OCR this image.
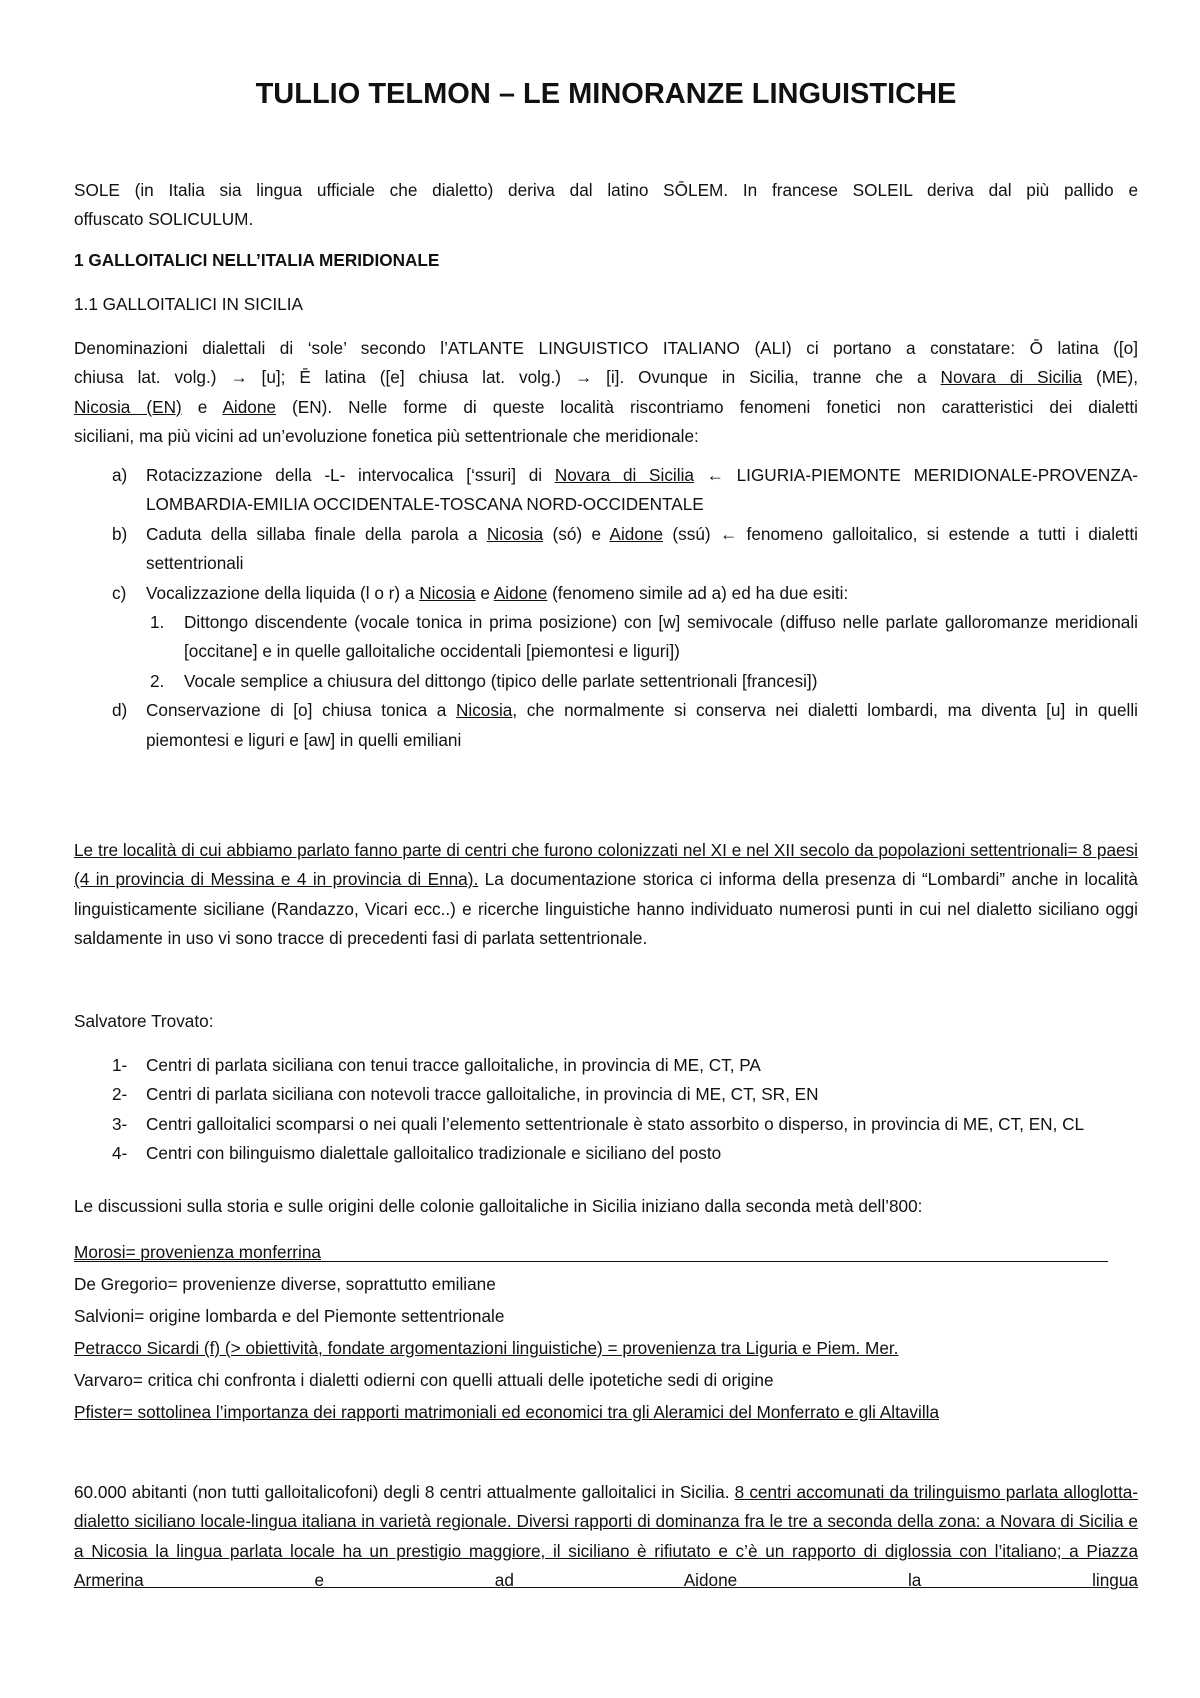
TULLIO TELMON – LE MINORANZE LINGUISTICHE

SOLE (in Italia sia lingua ufficiale che dialetto) deriva dal latino SŌLEM. In francese SOLEIL deriva dal più pallido e

offuscato SOLICULUM.

1 GALLOITALICI NELL’ITALIA MERIDIONALE

1.1 GALLOITALICI IN SICILIA

Denominazioni dialettali di ‘sole’ secondo l’ATLANTE LINGUISTICO ITALIANO (ALI) ci portano a constatare: Ō latina ([o]

chiusa lat. volg.) → [u]; Ē latina ([e] chiusa lat. volg.) → [i]. Ovunque in Sicilia, tranne che a Novara di Sicilia (ME),

Nicosia (EN) e Aidone (EN). Nelle forme di queste località riscontriamo fenomeni fonetici non caratteristici dei dialetti

siciliani, ma più vicini ad un’evoluzione fonetica più settentrionale che meridionale:

a) Rotacizzazione della -L- intervocalica [‘ssuri] di Novara di Sicilia ← LIGURIA-PIEMONTE MERIDIONALE-PROVENZA-LOMBARDIA-EMILIA OCCIDENTALE-TOSCANA NORD-OCCIDENTALE
b) Caduta della sillaba finale della parola a Nicosia (só) e Aidone (ssú) ← fenomeno galloitalico, si estende a tutti i dialetti settentrionali
c) Vocalizzazione della liquida (l o r) a Nicosia e Aidone (fenomeno simile ad a) ed ha due esiti:
1. Dittongo discendente (vocale tonica in prima posizione) con [w] semivocale (diffuso nelle parlate galloromanze meridionali [occitane] e in quelle galloitaliche occidentali [piemontesi e liguri])
2. Vocale semplice a chiusura del dittongo (tipico delle parlate settentrionali [francesi])
d) Conservazione di [o] chiusa tonica a Nicosia, che normalmente si conserva nei dialetti lombardi, ma diventa [u] in quelli piemontesi e liguri e [aw] in quelli emiliani

Le tre località di cui abbiamo parlato fanno parte di centri che furono colonizzati nel XI e nel XII secolo da popolazioni settentrionali= 8 paesi (4 in provincia di Messina e 4 in provincia di Enna). La documentazione storica ci informa della presenza di “Lombardi” anche in località linguisticamente siciliane (Randazzo, Vicari ecc..) e ricerche linguistiche hanno individuato numerosi punti in cui nel dialetto siciliano oggi saldamente in uso vi sono tracce di precedenti fasi di parlata settentrionale.

Salvatore Trovato:

1- Centri di parlata siciliana con tenui tracce galloitaliche, in provincia di ME, CT, PA
2- Centri di parlata siciliana con notevoli tracce galloitaliche, in provincia di ME, CT, SR, EN
3- Centri galloitalici scomparsi o nei quali l’elemento settentrionale è stato assorbito o disperso, in provincia di ME, CT, EN, CL
4- Centri con bilinguismo dialettale galloitalico tradizionale e siciliano del posto

Le discussioni sulla storia e sulle origini delle colonie galloitaliche in Sicilia iniziano dalla seconda metà dell’800:

Morosi= provenienza monferrina
De Gregorio= provenienze diverse, soprattutto emiliane
Salvioni= origine lombarda e del Piemonte settentrionale
Petracco Sicardi (f) (> obiettività, fondate argomentazioni linguistiche) = provenienza tra Liguria e Piem. Mer.
Varvaro= critica chi confronta i dialetti odierni con quelli attuali delle ipotetiche sedi di origine
Pfister= sottolinea l’importanza dei rapporti matrimoniali ed economici tra gli Aleramici del Monferrato e gli Altavilla

60.000 abitanti (non tutti galloitalicofoni) degli 8 centri attualmente galloitalici in Sicilia. 8 centri accomunati da trilinguismo parlata alloglotta-dialetto siciliano locale-lingua italiana in varietà regionale. Diversi rapporti di dominanza fra le tre a seconda della zona: a Novara di Sicilia e a Nicosia la lingua parlata locale ha un prestigio maggiore, il siciliano è rifiutato e c’è un rapporto di diglossia con l’italiano; a Piazza Armerina e ad Aidone la lingua
